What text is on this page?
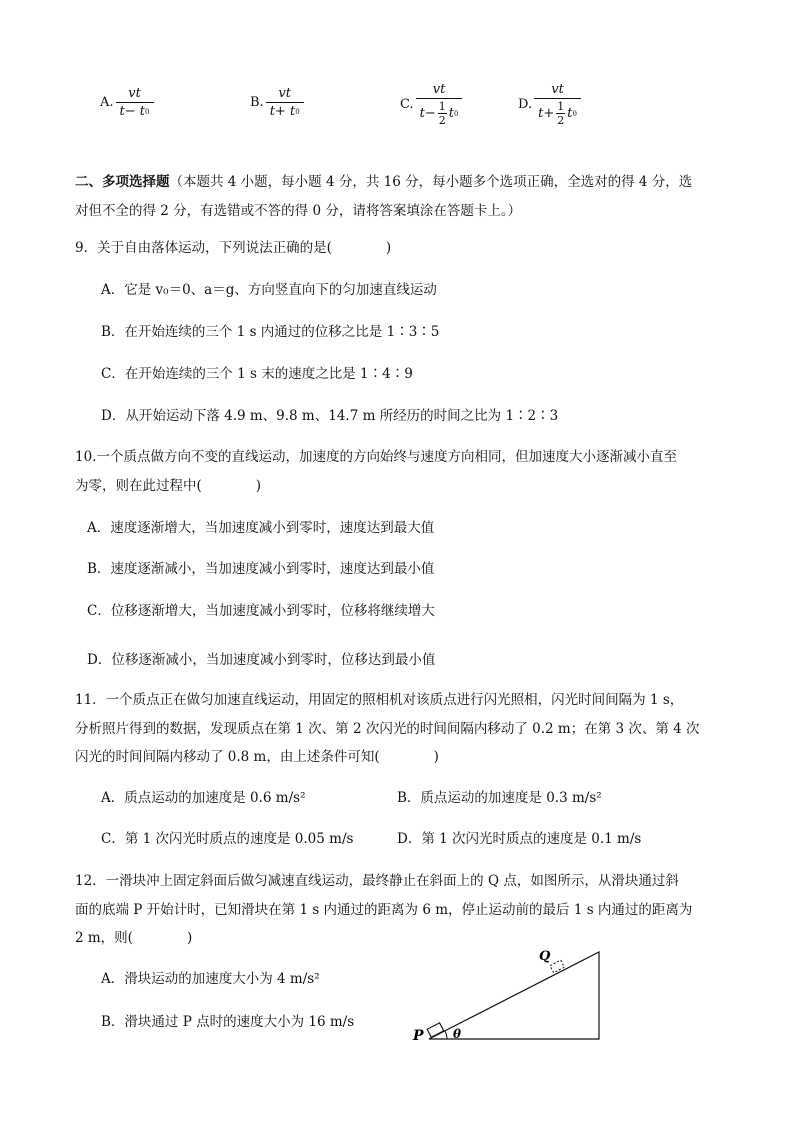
A. vt
t−
t 0	B. vt
t+
t 0	C. $\frac{vt}{t- \frac{1}{2} t 0}$	D. $\frac{vt}{t+ \frac{1}{2} t 0}$
二、多项选择题（本题共 4 小题，每小题 4 分，共 16 分，每小题多个选项正确，全选对的得 4 分，选
对但不全的得 2 分，有选错或不答的得 0 分，请将答案填涂在答题卡上。）
9．关于自由落体运动，下列说法正确的是(　　　　)
A．它是 v₀＝0、a＝g、方向竖直向下的匀加速直线运动
B．在开始连续的三个 1 s 内通过的位移之比是 1∶3∶5
C．在开始连续的三个 1 s 末的速度之比是 1∶4∶9
D．从开始运动下落 4.9 m、9.8 m、14.7 m 所经历的时间之比为 1∶2∶3
10.一个质点做方向不变的直线运动，加速度的方向始终与速度方向相同，但加速度大小逐渐减小直至
为零，则在此过程中(　　　　)
A．速度逐渐增大，当加速度减小到零时，速度达到最大值
B．速度逐渐减小，当加速度减小到零时，速度达到最小值
C．位移逐渐增大，当加速度减小到零时，位移将继续增大
D．位移逐渐减小，当加速度减小到零时，位移达到最小值
11．一个质点正在做匀加速直线运动，用固定的照相机对该质点进行闪光照相，闪光时间间隔为 1 s，
分析照片得到的数据，发现质点在第 1 次、第 2 次闪光的时间间隔内移动了 0.2 m；在第 3 次、第 4 次
闪光的时间间隔内移动了 0.8 m，由上述条件可知(　　　　)
A．质点运动的加速度是 0.6 m/s²	B．质点运动的加速度是 0.3 m/s²
C．第 1 次闪光时质点的速度是 0.05 m/s	D．第 1 次闪光时质点的速度是 0.1 m/s
12．一滑块冲上固定斜面后做匀减速直线运动，最终静止在斜面上的 Q 点，如图所示，从滑块通过斜
面的底端 P 开始计时，已知滑块在第 1 s 内通过的距离为 6 m，停止运动前的最后 1 s 内通过的距离为
2 m，则(　　　　)
A．滑块运动的加速度大小为 4 m/s²
B．滑块通过 P 点时的速度大小为 16 m/s
P
Q
θ
